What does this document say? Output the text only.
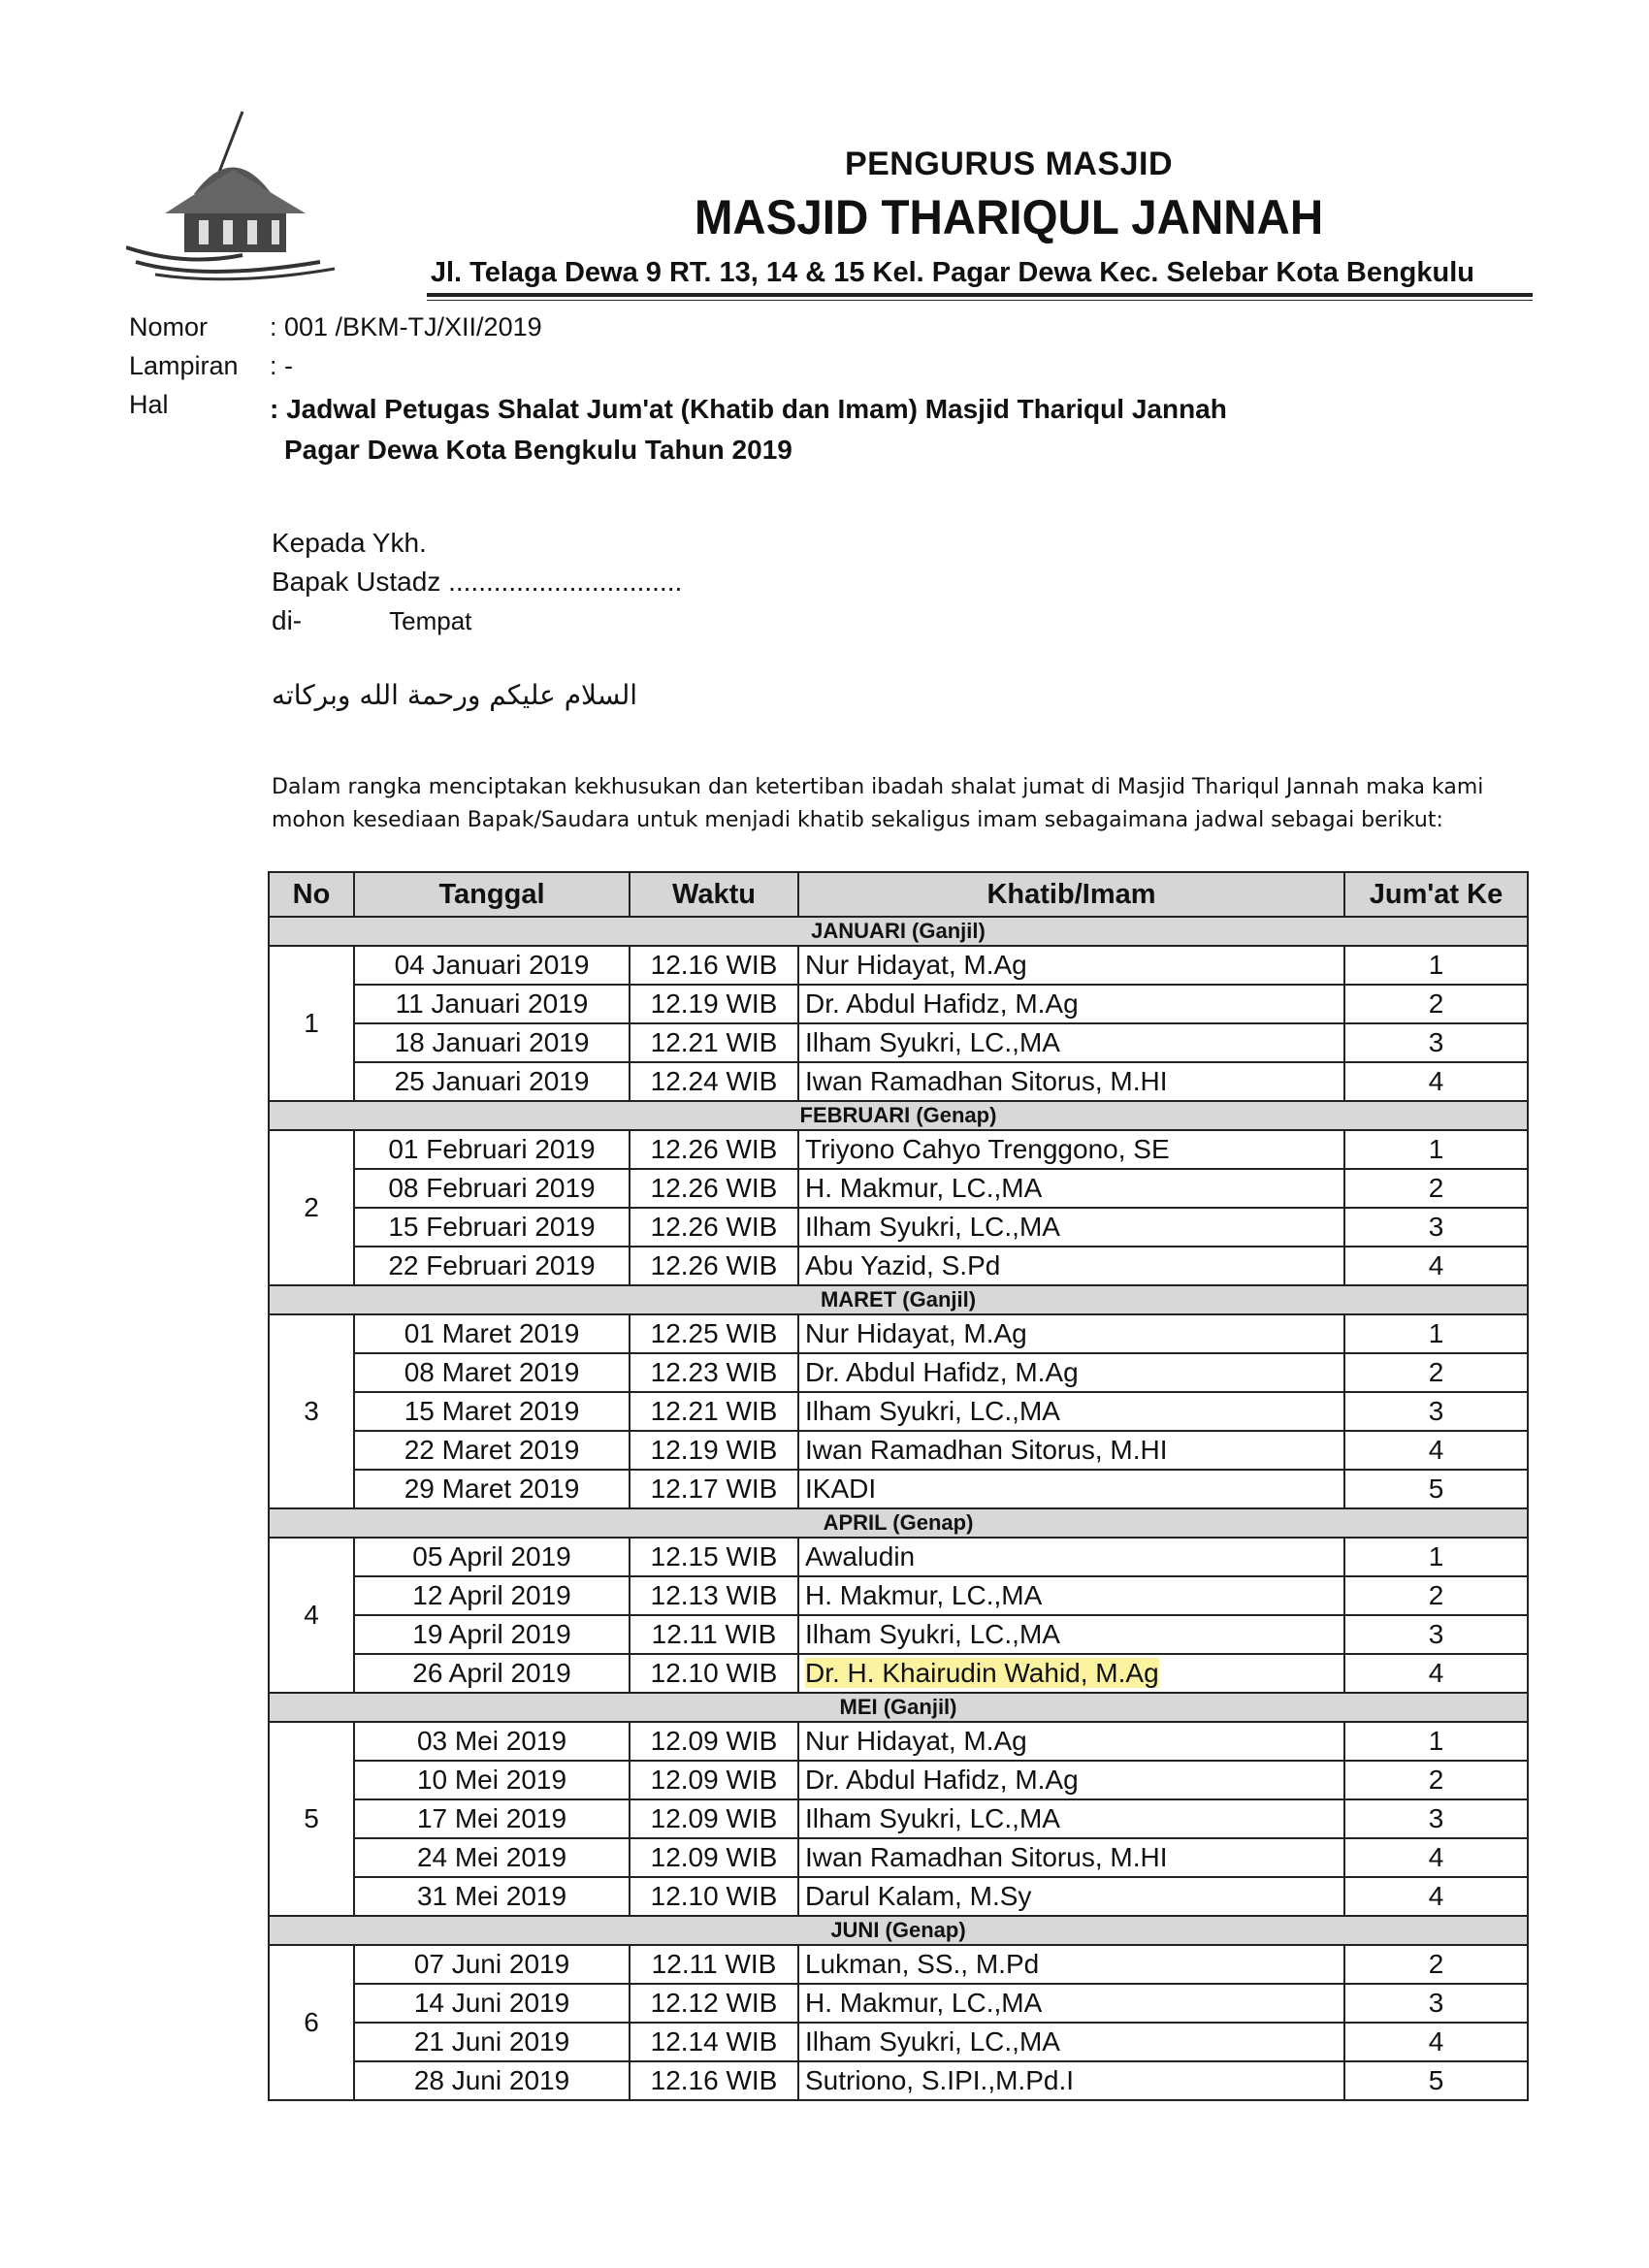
PENGURUS MASJID
MASJID THARIQUL JANNAH
Jl. Telaga Dewa 9 RT. 13, 14 & 15 Kel. Pagar Dewa Kec. Selebar Kota Bengkulu
Nomor	: 001 /BKM-TJ/XII/2019
Lampiran	: -
Hal	: Jadwal Petugas Shalat Jum'at (Khatib dan Imam) Masjid Thariqul Jannah
Pagar Dewa Kota Bengkulu Tahun 2019
Kepada Ykh.
Bapak Ustadz ...............................
di-	Tempat
السلام عليكم ورحمة الله وبركاته
Dalam rangka menciptakan kekhusukan dan ketertiban ibadah shalat jumat di Masjid Thariqul Jannah maka kami mohon kesediaan Bapak/Saudara untuk menjadi khatib sekaligus imam sebagaimana jadwal sebagai berikut:
No	Tanggal	Waktu	Khatib/Imam	Jum'at Ke
JANUARI (Ganjil)				
1	04 Januari 2019	12.16 WIB	Nur Hidayat, M.Ag	1
	11 Januari 2019	12.19 WIB	Dr. Abdul Hafidz, M.Ag	2
	18 Januari 2019	12.21 WIB	Ilham Syukri, LC.,MA	3
	25 Januari 2019	12.24 WIB	Iwan Ramadhan Sitorus, M.HI	4
FEBRUARI (Genap)				
2	01 Februari 2019	12.26 WIB	Triyono Cahyo Trenggono, SE	1
	08 Februari 2019	12.26 WIB	H. Makmur, LC.,MA	2
	15 Februari 2019	12.26 WIB	Ilham Syukri, LC.,MA	3
	22 Februari 2019	12.26 WIB	Abu Yazid, S.Pd	4
MARET (Ganjil)				
3	01 Maret 2019	12.25 WIB	Nur Hidayat, M.Ag	1
	08 Maret 2019	12.23 WIB	Dr. Abdul Hafidz, M.Ag	2
	15 Maret 2019	12.21 WIB	Ilham Syukri, LC.,MA	3
	22 Maret 2019	12.19 WIB	Iwan Ramadhan Sitorus, M.HI	4
	29 Maret 2019	12.17 WIB	IKADI	5
APRIL (Genap)				
4	05 April 2019	12.15 WIB	Awaludin	1
	12 April 2019	12.13 WIB	H. Makmur, LC.,MA	2
	19 April 2019	12.11 WIB	Ilham Syukri, LC.,MA	3
	26 April 2019	12.10 WIB	Dr. H. Khairudin Wahid, M.Ag	4
MEI (Ganjil)				
5	03 Mei 2019	12.09 WIB	Nur Hidayat, M.Ag	1
	10 Mei 2019	12.09 WIB	Dr. Abdul Hafidz, M.Ag	2
	17 Mei 2019	12.09 WIB	Ilham Syukri, LC.,MA	3
	24 Mei 2019	12.09 WIB	Iwan Ramadhan Sitorus, M.HI	4
	31 Mei 2019	12.10 WIB	Darul Kalam, M.Sy	4
JUNI (Genap)				
6	07 Juni 2019	12.11 WIB	Lukman, SS., M.Pd	2
	14 Juni 2019	12.12 WIB	H. Makmur, LC.,MA	3
	21 Juni 2019	12.14 WIB	Ilham Syukri, LC.,MA	4
	28 Juni 2019	12.16 WIB	Sutriono, S.IPI.,M.Pd.I	5
